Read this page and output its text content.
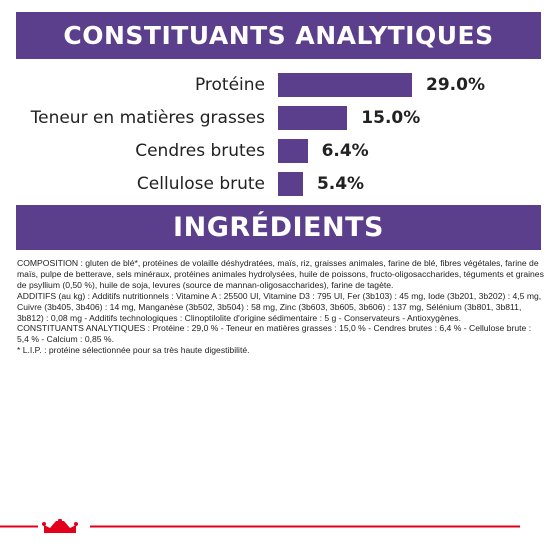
CONSTITUANTS ANALYTIQUES
Protéine	29.0%
Teneur en matières grasses	15.0%
Cendres brutes	6.4%
Cellulose brute	5.4%
INGRÉDIENTS

COMPOSITION : gluten de blé*, protéines de volaille déshydratées, maïs, riz, graisses animales, farine de blé, fibres végétales, farine de maïs, pulpe de betterave, sels minéraux, protéines animales hydrolysées, huile de poissons, fructo-oligosaccharides, téguments et graines de psyllium (0,50 %), huile de soja, levures (source de mannan-oligosaccharides), farine de tagète.

ADDITIFS (au kg) : Additifs nutritionnels : Vitamine A : 25500 UI, Vitamine D3 : 795 UI, Fer (3b103) : 45 mg, Iode (3b201, 3b202) : 4,5 mg, Cuivre (3b405, 3b406) : 14 mg, Manganèse (3b502, 3b504) : 58 mg, Zinc (3b603, 3b605, 3b606) : 137 mg, Sélénium (3b801, 3b811, 3b812) : 0,08 mg - Additifs technologiques : Clinoptilolite d'origine sédimentaire : 5 g - Conservateurs - Antioxygènes.

CONSTITUANTS ANALYTIQUES : Protéine : 29,0 % - Teneur en matières grasses : 15,0 % - Cendres brutes : 6,4 % - Cellulose brute : 5,4 % - Calcium : 0,85 %.

* L.I.P. : protéine sélectionnée pour sa très haute digestibilité.
